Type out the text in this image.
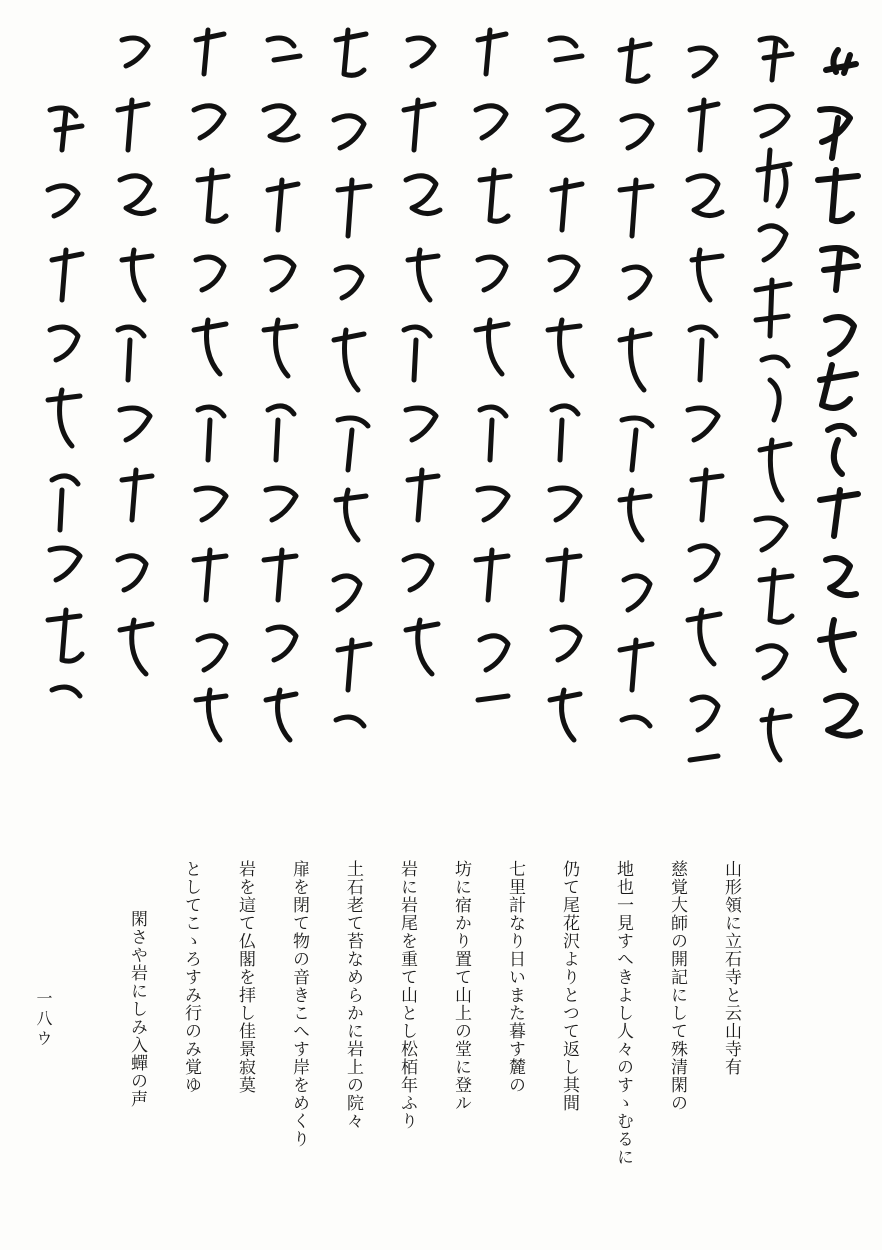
山形領に立石寺と云山寺有
慈覚大師の開記にして殊清閑の
地也一見すへきよし人々のすゝむるに
仍て尾花沢よりとつて返し其間
七里計なり日いまた暮す麓の
坊に宿かり置て山上の堂に登ル
岩に岩尾を重て山とし松栢年ふり
土石老て苔なめらかに岩上の院々
扉を閉て物の音きこへす岸をめくり
岩を這て仏閣を拝し佳景寂莫
としてこゝろすみ行のみ覚ゆ
閑さや岩にしみ入蟬の声
一八ウ
